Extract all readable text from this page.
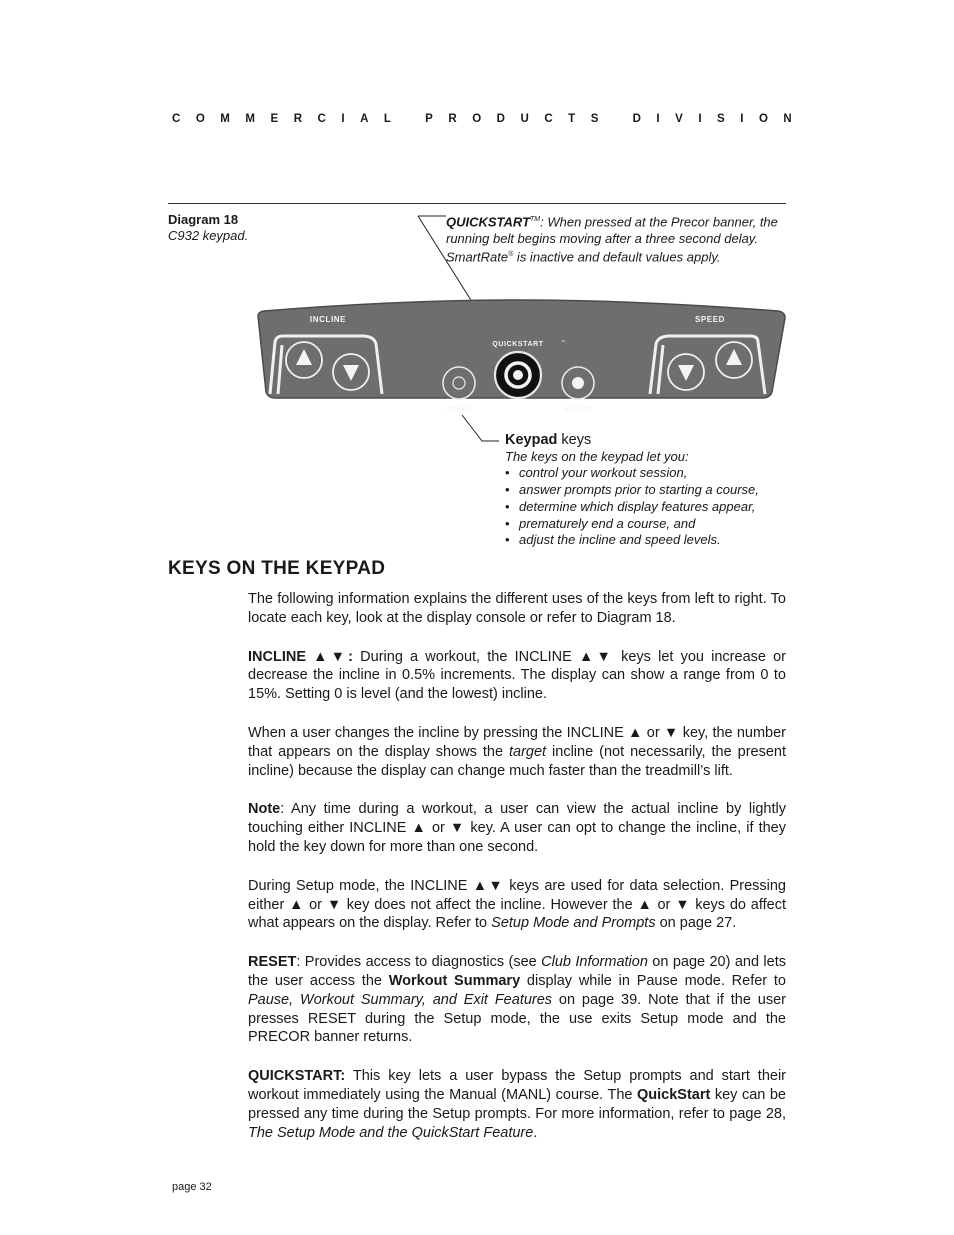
C O M M E R C I A L
	P R O D U C T S
	D I V I S I O N
Diagram 18
C932 keypad.
QUICKSTART™: When pressed at the Precor banner, the running belt begins moving after a three second delay. SmartRate® is inactive and default values apply.
INCLINE	SPEED
QUICKSTART	™
RESET	SELECT
Keypad keys
The keys on the keypad let you:
• control your workout session,
• answer prompts prior to starting a course,
• determine which display features appear,
• prematurely end a course, and
• adjust the incline and speed levels.
KEYS ON THE KEYPAD

The following information explains the different uses of the keys from left to right. To locate each key, look at the display console or refer to Diagram 18.

INCLINE ▲▼: During a workout, the INCLINE ▲▼ keys let you increase or decrease the incline in 0.5% increments. The display can show a range from 0 to 15%. Setting 0 is level (and the lowest) incline.

When a user changes the incline by pressing the INCLINE ▲ or ▼ key, the number that appears on the display shows the target incline (not necessarily, the present incline) because the display can change much faster than the treadmill’s lift.

Note: Any time during a workout, a user can view the actual incline by lightly touching either INCLINE ▲ or ▼ key. A user can opt to change the incline, if they hold the key down for more than one second.

During Setup mode, the INCLINE ▲▼ keys are used for data selection. Pressing either ▲ or ▼ key does not affect the incline. However the ▲ or ▼ keys do affect what appears on the display. Refer to Setup Mode and Prompts on page 27.

RESET: Provides access to diagnostics (see Club Information on page 20) and lets the user access the Workout Summary display while in Pause mode. Refer to Pause, Workout Summary, and Exit Features on page 39. Note that if the user presses RESET during the Setup mode, the use exits Setup mode and the PRECOR banner returns.

QUICKSTART: This key lets a user bypass the Setup prompts and start their workout immediately using the Manual (MANL) course. The QuickStart key can be pressed any time during the Setup prompts. For more information, refer to page 28, The Setup Mode and the QuickStart Feature.

page 32
